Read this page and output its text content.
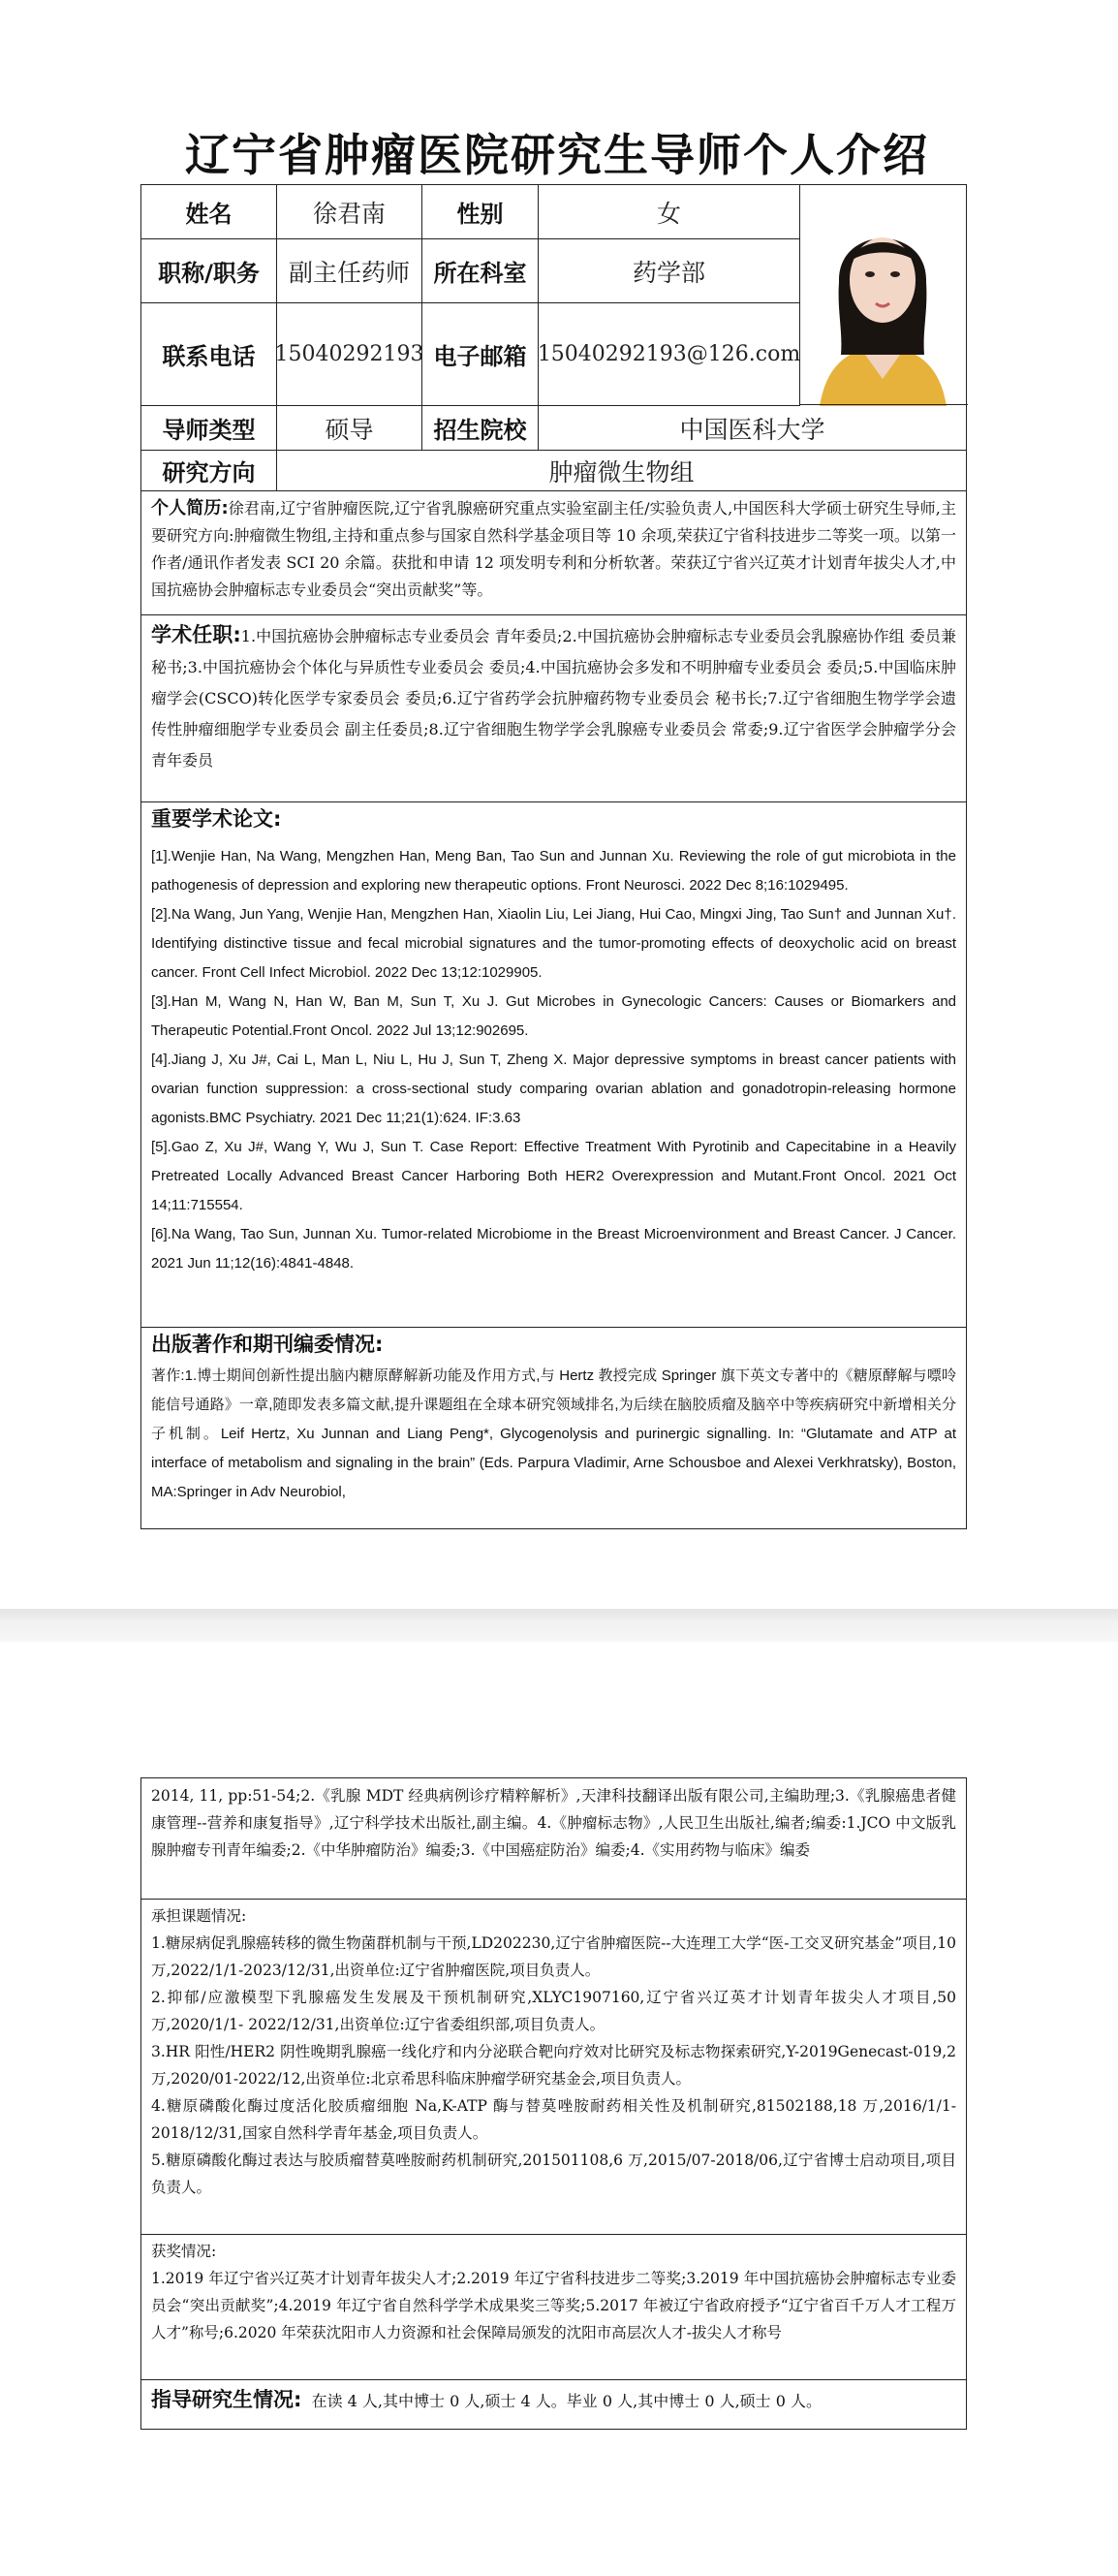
辽宁省肿瘤医院研究生导师个人介绍
姓名	徐君南	性别	女
职称/职务	副主任药师	所在科室	药学部
联系电话 15040292193 电子邮箱 15040292193@126.com
导师类型	硕导	招生院校	中国医科大学
研究方向	肿瘤微生物组

个人简历:徐君南,辽宁省肿瘤医院,辽宁省乳腺癌研究重点实验室副主任/实验负责人,中国医科大学硕士研究生导师,主要研究方向:肿瘤微生物组,主持和重点参与国家自然科学基金项目等 10 余项,荣获辽宁省科技进步二等奖一项。以第一作者/通讯作者发表 SCI 20 余篇。获批和申请 12 项发明专利和分析软著。荣获辽宁省兴辽英才计划青年拔尖人才,中国抗癌协会肿瘤标志专业委员会“突出贡献奖”等。

学术任职:1.中国抗癌协会肿瘤标志专业委员会 青年委员;2.中国抗癌协会肿瘤标志专业委员会乳腺癌协作组 委员兼秘书;3.中国抗癌协会个体化与异质性专业委员会 委员;4.中国抗癌协会多发和不明肿瘤专业委员会 委员;5.中国临床肿瘤学会(CSCO)转化医学专家委员会 委员;6.辽宁省药学会抗肿瘤药物专业委员会 秘书长;7.辽宁省细胞生物学学会遗传性肿瘤细胞学专业委员会 副主任委员;8.辽宁省细胞生物学学会乳腺癌专业委员会 常委;9.辽宁省医学会肿瘤学分会 青年委员

重要学术论文:

[1].Wenjie Han, Na Wang, Mengzhen Han, Meng Ban, Tao Sun and Junnan Xu. Reviewing the role of gut microbiota in the pathogenesis of depression and exploring new therapeutic options. Front Neurosci. 2022 Dec 8;16:1029495.

[2].Na Wang, Jun Yang, Wenjie Han, Mengzhen Han, Xiaolin Liu, Lei Jiang, Hui Cao, Mingxi Jing, Tao Sun† and Junnan Xu†. Identifying distinctive tissue and fecal microbial signatures and the tumor-promoting effects of deoxycholic acid on breast cancer. Front Cell Infect Microbiol. 2022 Dec 13;12:1029905.

[3].Han M, Wang N, Han W, Ban M, Sun T, Xu J. Gut Microbes in Gynecologic Cancers: Causes or Biomarkers and Therapeutic Potential.Front Oncol. 2022 Jul 13;12:902695.

[4].Jiang J, Xu J#, Cai L, Man L, Niu L, Hu J, Sun T, Zheng X. Major depressive symptoms in breast cancer patients with ovarian function suppression: a cross-sectional study comparing ovarian ablation and gonadotropin-releasing hormone agonists.BMC Psychiatry. 2021 Dec 11;21(1):624. IF:3.63

[5].Gao Z, Xu J#, Wang Y, Wu J, Sun T. Case Report: Effective Treatment With Pyrotinib and Capecitabine in a Heavily Pretreated Locally Advanced Breast Cancer Harboring Both HER2 Overexpression and Mutant.Front Oncol. 2021 Oct 14;11:715554.

[6].Na Wang, Tao Sun, Junnan Xu. Tumor-related Microbiome in the Breast Microenvironment and Breast Cancer. J Cancer. 2021 Jun 11;12(16):4841-4848.

出版著作和期刊编委情况:

著作:1.博士期间创新性提出脑内糖原酵解新功能及作用方式,与 Hertz 教授完成 Springer 旗下英文专著中的《糖原酵解与嘌呤能信号通路》一章,随即发表多篇文献,提升课题组在全球本研究领域排名,为后续在脑胶质瘤及脑卒中等疾病研究中新增相关分子机制。Leif Hertz, Xu Junnan and Liang Peng*, Glycogenolysis and purinergic signalling. In: “Glutamate and ATP at interface of metabolism and signaling in the brain” (Eds. Parpura Vladimir, Arne Schousboe and Alexei Verkhratsky), Boston, MA:Springer in Adv Neurobiol,

2014, 11, pp:51-54;2.《乳腺 MDT 经典病例诊疗精粹解析》,天津科技翻译出版有限公司,主编助理;3.《乳腺癌患者健康管理--营养和康复指导》,辽宁科学技术出版社,副主编。4.《肿瘤标志物》,人民卫生出版社,编者;编委:1.JCO 中文版乳腺肿瘤专刊青年编委;2.《中华肿瘤防治》编委;3.《中国癌症防治》编委;4.《实用药物与临床》编委

承担课题情况:

1.糖尿病促乳腺癌转移的微生物菌群机制与干预,LD202230,辽宁省肿瘤医院--大连理工大学“医-工交叉研究基金”项目,10 万,2022/1/1-2023/12/31,出资单位:辽宁省肿瘤医院,项目负责人。

2.抑郁/应激模型下乳腺癌发生发展及干预机制研究,XLYC1907160,辽宁省兴辽英才计划青年拔尖人才项目,50 万,2020/1/1- 2022/12/31,出资单位:辽宁省委组织部,项目负责人。

3.HR 阳性/HER2 阴性晚期乳腺癌一线化疗和内分泌联合靶向疗效对比研究及标志物探索研究,Y-2019Genecast-019,2 万,2020/01-2022/12,出资单位:北京希思科临床肿瘤学研究基金会,项目负责人。

4.糖原磷酸化酶过度活化胶质瘤细胞 Na,K-ATP 酶与替莫唑胺耐药相关性及机制研究,81502188,18 万,2016/1/1-2018/12/31,国家自然科学青年基金,项目负责人。

5.糖原磷酸化酶过表达与胶质瘤替莫唑胺耐药机制研究,201501108,6 万,2015/07-2018/06,辽宁省博士启动项目,项目负责人。

获奖情况:

1.2019 年辽宁省兴辽英才计划青年拔尖人才;2.2019 年辽宁省科技进步二等奖;3.2019 年中国抗癌协会肿瘤标志专业委员会“突出贡献奖”;4.2019 年辽宁省自然科学学术成果奖三等奖;5.2017 年被辽宁省政府授予“辽宁省百千万人才工程万人才”称号;6.2020 年荣获沈阳市人力资源和社会保障局颁发的沈阳市高层次人才-拔尖人才称号

指导研究生情况: 在读 4 人,其中博士 0 人,硕士 4 人。毕业 0 人,其中博士 0 人,硕士 0 人。
